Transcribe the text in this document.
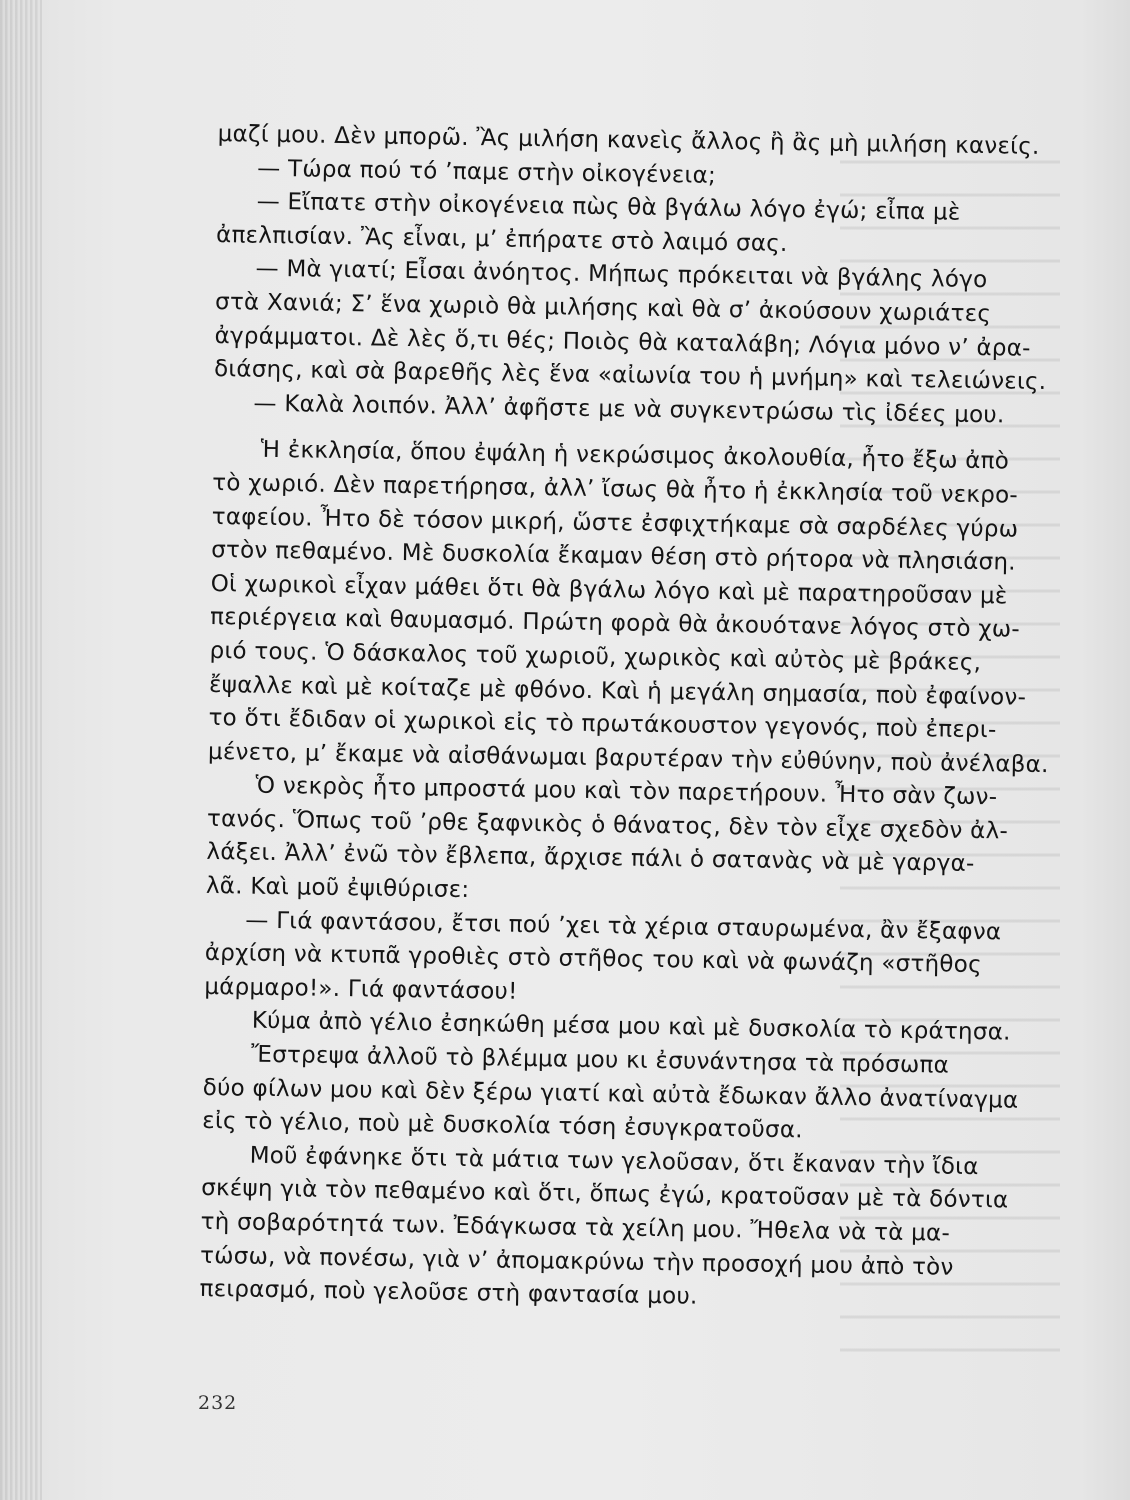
μαζί μου. Δὲν μπορῶ. Ἂς μιλήση κανεὶς ἄλλος ἢ ἂς μὴ μιλήση κανείς.
— Τώρα πού τό ’παμε στὴν οἰκογένεια;
— Εἴπατε στὴν οἰκογένεια πὼς θὰ βγάλω λόγο ἐγώ; εἶπα μὲ
ἀπελπισίαν. Ἂς εἶναι, μ’ ἐπήρατε στὸ λαιμό σας.
— Μὰ γιατί; Εἶσαι ἀνόητος. Μήπως πρόκειται νὰ βγάλης λόγο
στὰ Χανιά; Σ’ ἕνα χωριὸ θὰ μιλήσης καὶ θὰ σ’ ἀκούσουν χωριάτες
ἀγράμματοι. Δὲ λὲς ὅ,τι θές; Ποιὸς θὰ καταλάβη; Λόγια μόνο ν’ ἀρα-
διάσης, καὶ σὰ βαρεθῆς λὲς ἕνα «αἰωνία του ἡ μνήμη» καὶ τελειώνεις.
— Καλὰ λοιπόν. Ἀλλ’ ἀφῆστε με νὰ συγκεντρώσω τὶς ἰδέες μου.
Ἡ ἐκκλησία, ὅπου ἐψάλη ἡ νεκρώσιμος ἀκολουθία, ἦτο ἔξω ἀπὸ
τὸ χωριό. Δὲν παρετήρησα, ἀλλ’ ἴσως θὰ ἦτο ἡ ἐκκλησία τοῦ νεκρο-
ταφείου. Ἦτο δὲ τόσον μικρή, ὥστε ἐσφιχτήκαμε σὰ σαρδέλες γύρω
στὸν πεθαμένο. Μὲ δυσκολία ἔκαμαν θέση στὸ ρήτορα νὰ πλησιάση.
Οἱ χωρικοὶ εἶχαν μάθει ὅτι θὰ βγάλω λόγο καὶ μὲ παρατηροῦσαν μὲ
περιέργεια καὶ θαυμασμό. Πρώτη φορὰ θὰ ἀκουότανε λόγος στὸ χω-
ριό τους. Ὁ δάσκαλος τοῦ χωριοῦ, χωρικὸς καὶ αὐτὸς μὲ βράκες,
ἔψαλλε καὶ μὲ κοίταζε μὲ φθόνο. Καὶ ἡ μεγάλη σημασία, ποὺ ἐφαίνον-
το ὅτι ἔδιδαν οἱ χωρικοὶ εἰς τὸ πρωτάκουστον γεγονός, ποὺ ἐπερι-
μένετο, μ’ ἔκαμε νὰ αἰσθάνωμαι βαρυτέραν τὴν εὐθύνην, ποὺ ἀνέλαβα.
Ὁ νεκρὸς ἦτο μπροστά μου καὶ τὸν παρετήρουν. Ἦτο σὰν ζων-
τανός. Ὅπως τοῦ ’ρθε ξαφνικὸς ὁ θάνατος, δὲν τὸν εἶχε σχεδὸν ἀλ-
λάξει. Ἀλλ’ ἐνῶ τὸν ἔβλεπα, ἄρχισε πάλι ὁ σατανὰς νὰ μὲ γαργα-
λᾶ. Καὶ μοῦ ἐψιθύρισε:
— Γιά φαντάσου, ἔτσι πού ’χει τὰ χέρια σταυρωμένα, ἂν ἔξαφνα
ἀρχίση νὰ κτυπᾶ γροθιὲς στὸ στῆθος του καὶ νὰ φωνάζη «στῆθος
μάρμαρο!». Γιά φαντάσου!
Κύμα ἀπὸ γέλιο ἐσηκώθη μέσα μου καὶ μὲ δυσκολία τὸ κράτησα.
Ἔστρεψα ἀλλοῦ τὸ βλέμμα μου κι ἐσυνάντησα τὰ πρόσωπα
δύο φίλων μου καὶ δὲν ξέρω γιατί καὶ αὐτὰ ἔδωκαν ἄλλο ἀνατίναγμα
εἰς τὸ γέλιο, ποὺ μὲ δυσκολία τόση ἐσυγκρατοῦσα.
Μοῦ ἐφάνηκε ὅτι τὰ μάτια των γελοῦσαν, ὅτι ἔκαναν τὴν ἴδια
σκέψη γιὰ τὸν πεθαμένο καὶ ὅτι, ὅπως ἐγώ, κρατοῦσαν μὲ τὰ δόντια
τὴ σοβαρότητά των. Ἐδάγκωσα τὰ χείλη μου. Ἤθελα νὰ τὰ μα-
τώσω, νὰ πονέσω, γιὰ ν’ ἀπομακρύνω τὴν προσοχή μου ἀπὸ τὸν
πειρασμό, ποὺ γελοῦσε στὴ φαντασία μου.
232
